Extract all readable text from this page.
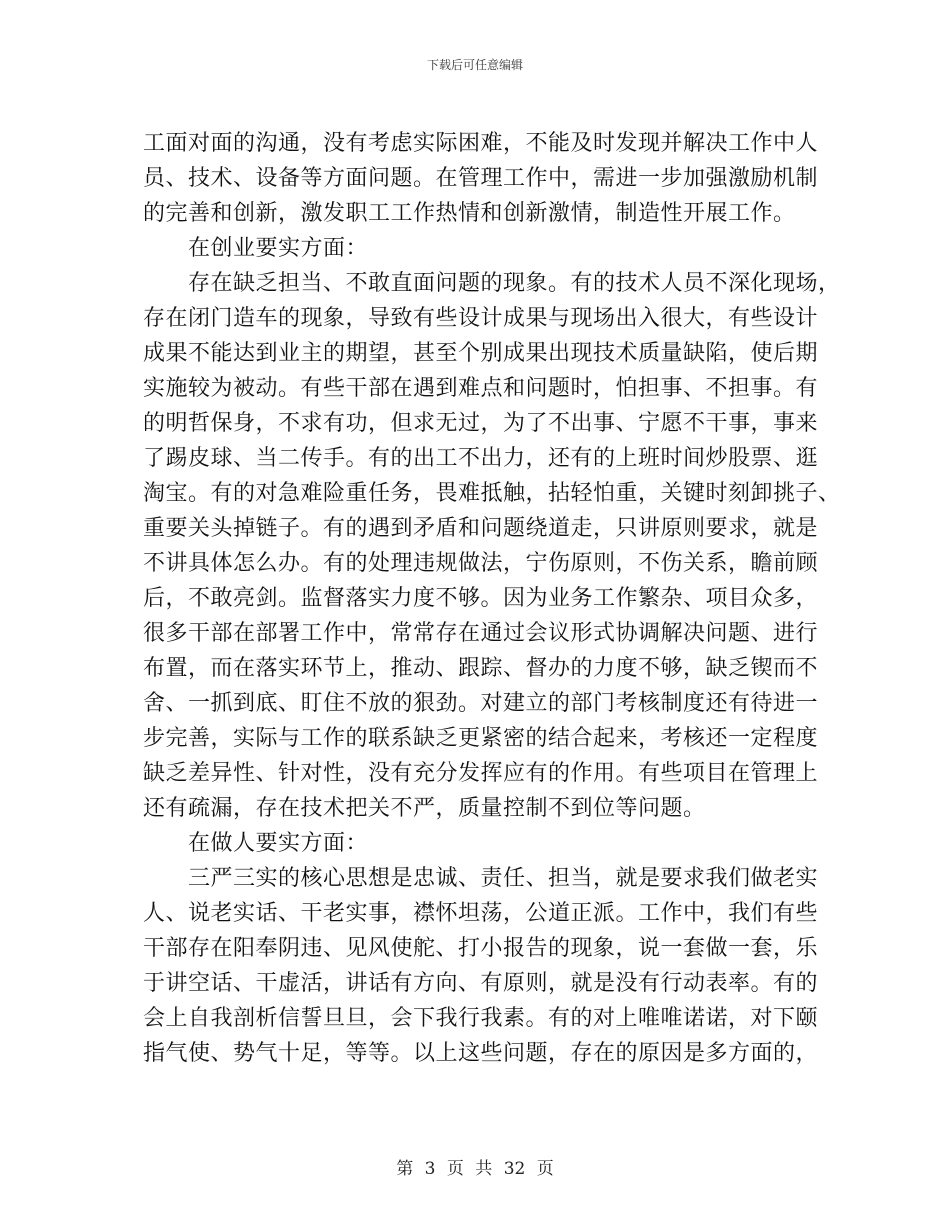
下载后可任意编辑
工面对面的沟通，没有考虑实际困难，不能及时发现并解决工作中人
员、技术、设备等方面问题。在管理工作中，需进一步加强激励机制
的完善和创新，激发职工工作热情和创新激情，制造性开展工作。
在创业要实方面：
存在缺乏担当、不敢直面问题的现象。有的技术人员不深化现场，
存在闭门造车的现象，导致有些设计成果与现场出入很大，有些设计
成果不能达到业主的期望，甚至个别成果出现技术质量缺陷，使后期
实施较为被动。有些干部在遇到难点和问题时，怕担事、不担事。有
的明哲保身，不求有功，但求无过，为了不出事、宁愿不干事，事来
了踢皮球、当二传手。有的出工不出力，还有的上班时间炒股票、逛
淘宝。有的对急难险重任务，畏难抵触，拈轻怕重，关键时刻卸挑子、
重要关头掉链子。有的遇到矛盾和问题绕道走，只讲原则要求，就是
不讲具体怎么办。有的处理违规做法，宁伤原则，不伤关系，瞻前顾
后，不敢亮剑。监督落实力度不够。因为业务工作繁杂、项目众多，
很多干部在部署工作中，常常存在通过会议形式协调解决问题、进行
布置，而在落实环节上，推动、跟踪、督办的力度不够，缺乏锲而不
舍、一抓到底、盯住不放的狠劲。对建立的部门考核制度还有待进一
步完善，实际与工作的联系缺乏更紧密的结合起来，考核还一定程度
缺乏差异性、针对性，没有充分发挥应有的作用。有些项目在管理上
还有疏漏，存在技术把关不严，质量控制不到位等问题。
在做人要实方面：
三严三实的核心思想是忠诚、责任、担当，就是要求我们做老实
人、说老实话、干老实事，襟怀坦荡，公道正派。工作中，我们有些
干部存在阳奉阴违、见风使舵、打小报告的现象，说一套做一套，乐
于讲空话、干虚活，讲话有方向、有原则，就是没有行动表率。有的
会上自我剖析信誓旦旦，会下我行我素。有的对上唯唯诺诺，对下颐
指气使、势气十足，等等。以上这些问题，存在的原因是多方面的，
第 3 页 共 32 页
